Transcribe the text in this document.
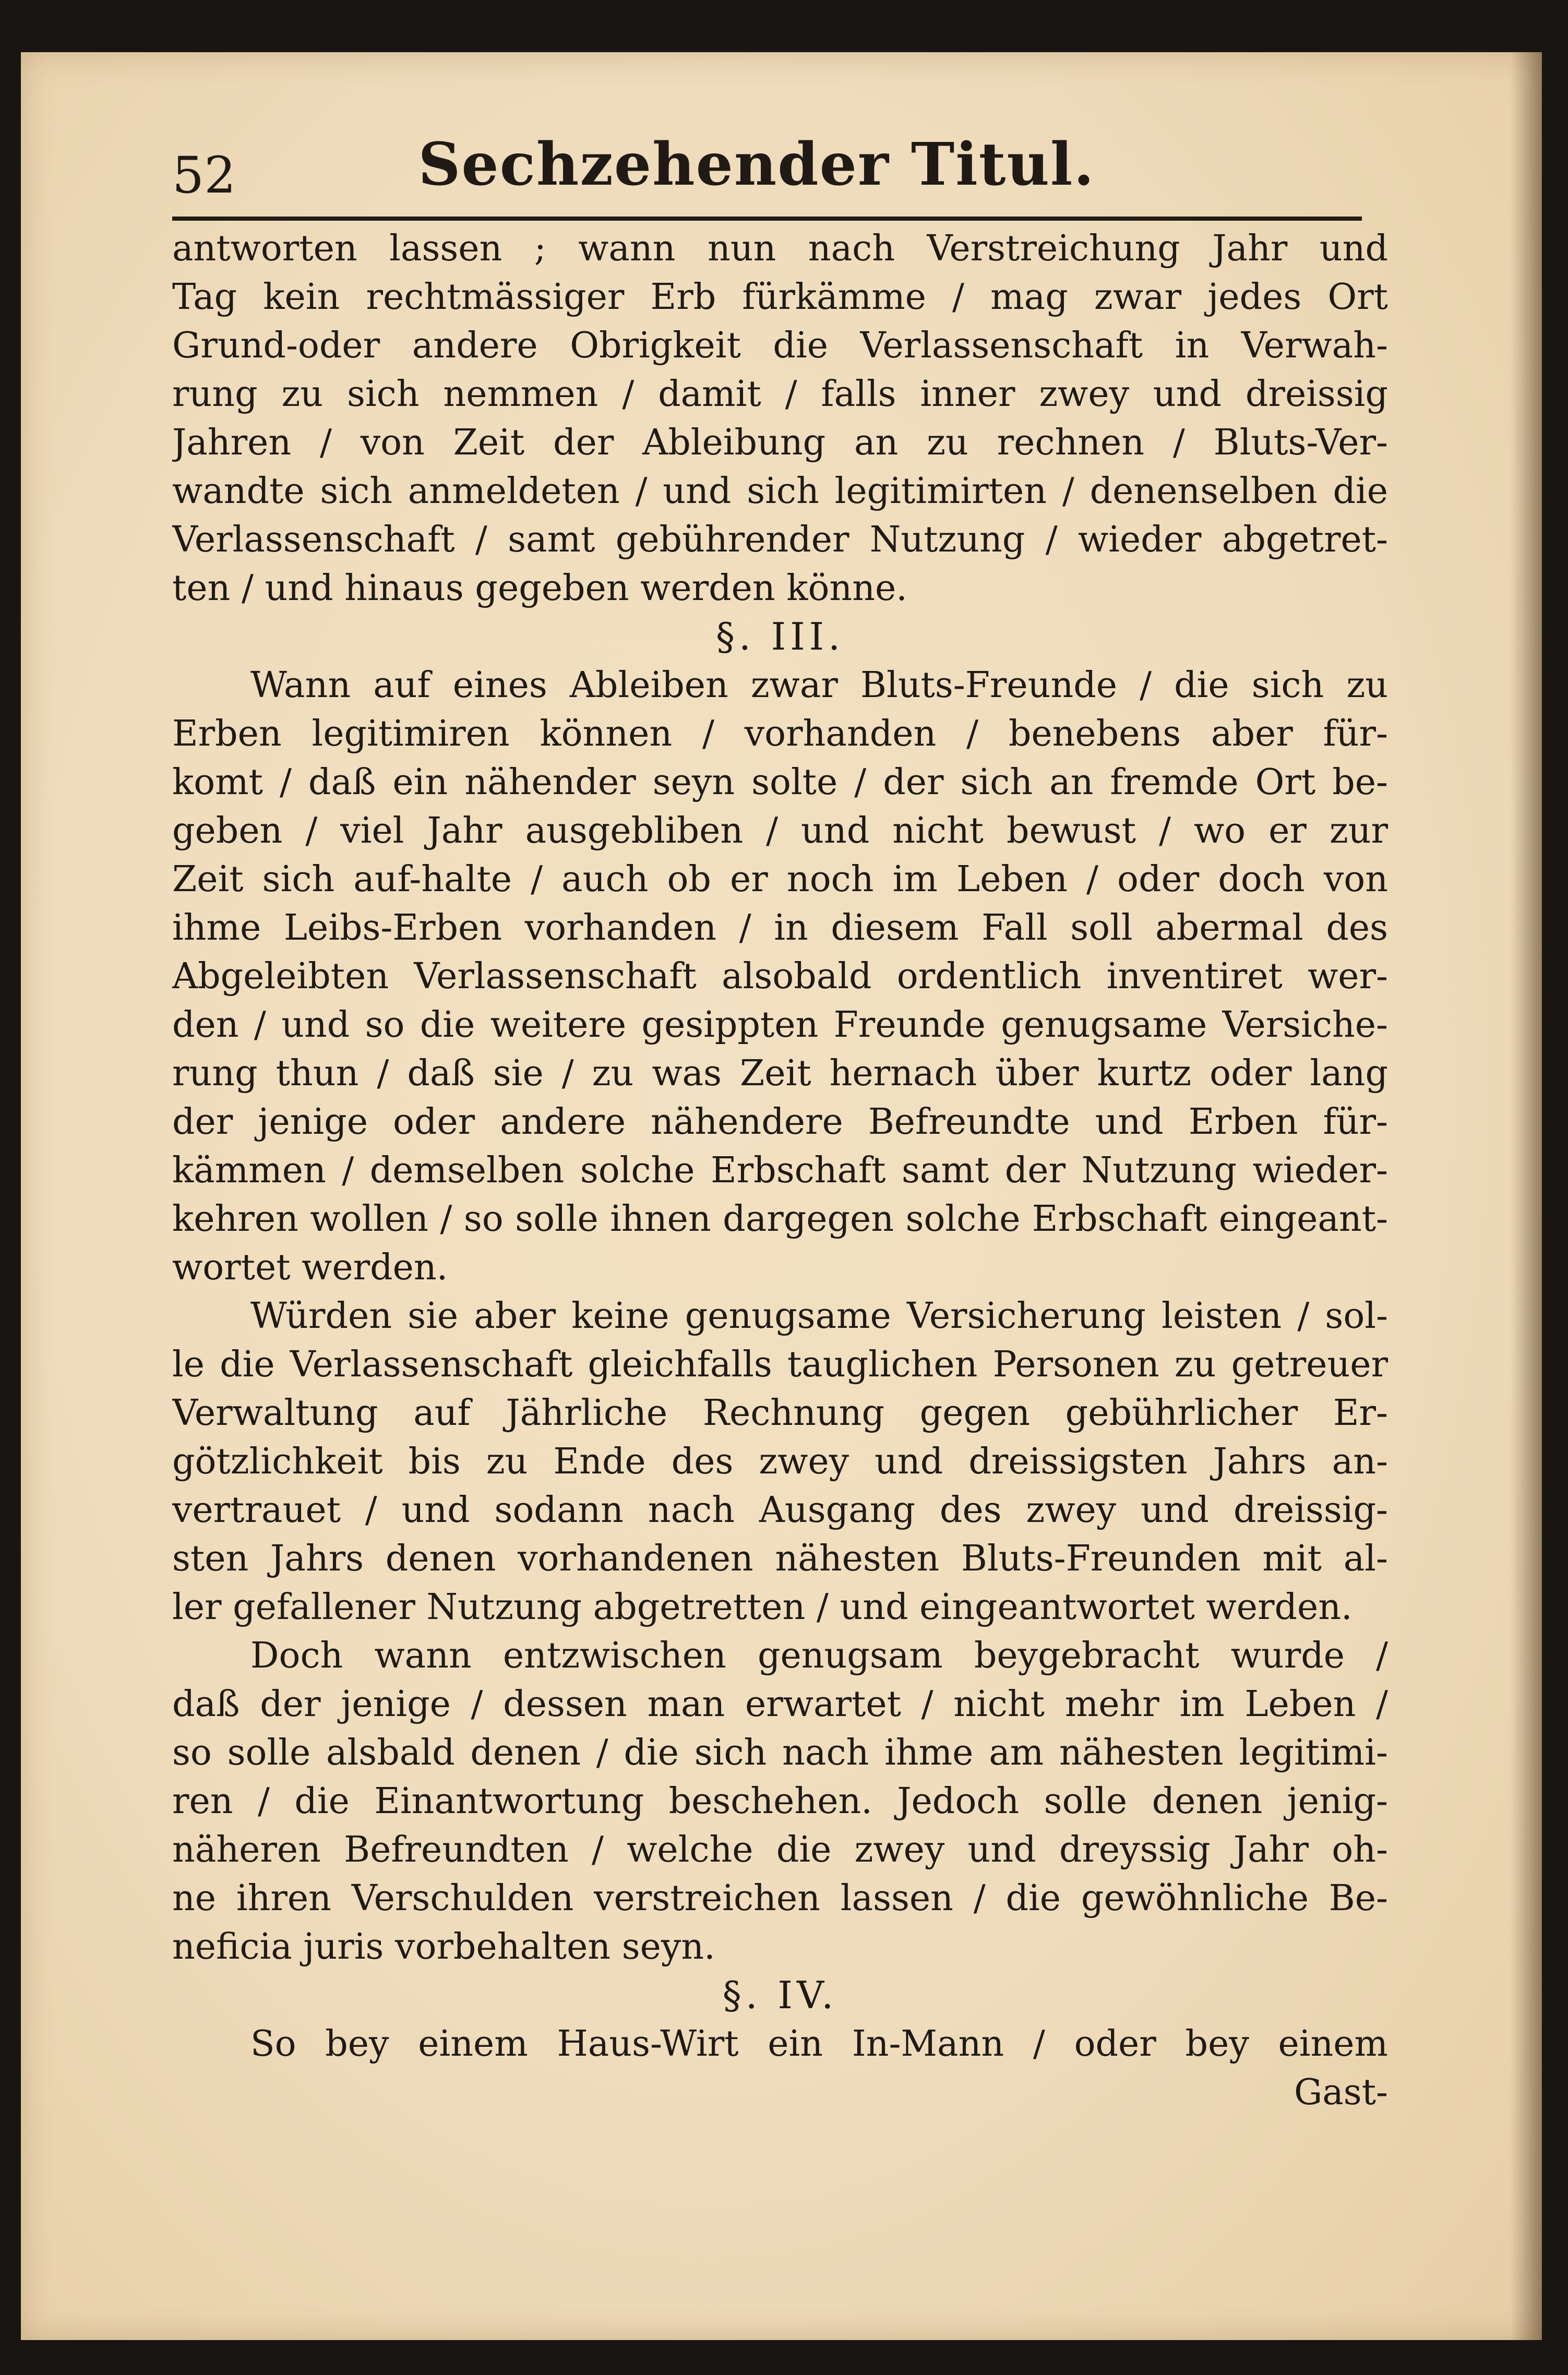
52	Sechzehender Titul.
antworten lassen ; wann nun nach Verstreichung Jahr und
Tag kein rechtmässiger Erb fürkämme / mag zwar jedes Ort
Grund-oder andere Obrigkeit die Verlassenschaft in Verwah-
rung zu sich nemmen / damit / falls inner zwey und dreissig
Jahren / von Zeit der Ableibung an zu rechnen / Bluts-Ver-
wandte sich anmeldeten / und sich legitimirten / denenselben die
Verlassenschaft / samt gebührender Nutzung / wieder abgetret-
ten / und hinaus gegeben werden könne.
§. III.
Wann auf eines Ableiben zwar Bluts-Freunde / die sich zu
Erben legitimiren können / vorhanden / benebens aber für-
komt / daß ein nähender seyn solte / der sich an fremde Ort be-
geben / viel Jahr ausgebliben / und nicht bewust / wo er zur
Zeit sich auf-halte / auch ob er noch im Leben / oder doch von
ihme Leibs-Erben vorhanden / in diesem Fall soll abermal des
Abgeleibten Verlassenschaft alsobald ordentlich inventiret wer-
den / und so die weitere gesippten Freunde genugsame Versiche-
rung thun / daß sie / zu was Zeit hernach über kurtz oder lang
der jenige oder andere nähendere Befreundte und Erben für-
kämmen / demselben solche Erbschaft samt der Nutzung wieder-
kehren wollen / so solle ihnen dargegen solche Erbschaft eingeant-
wortet werden.
Würden sie aber keine genugsame Versicherung leisten / sol-
le die Verlassenschaft gleichfalls tauglichen Personen zu getreuer
Verwaltung auf Jährliche Rechnung gegen gebührlicher Er-
götzlichkeit bis zu Ende des zwey und dreissigsten Jahrs an-
vertrauet / und sodann nach Ausgang des zwey und dreissig-
sten Jahrs denen vorhandenen nähesten Bluts-Freunden mit al-
ler gefallener Nutzung abgetretten / und eingeantwortet werden.
Doch wann entzwischen genugsam beygebracht wurde /
daß der jenige / dessen man erwartet / nicht mehr im Leben /
so solle alsbald denen / die sich nach ihme am nähesten legitimi-
ren / die Einantwortung beschehen. Jedoch solle denen jenig-
näheren Befreundten / welche die zwey und dreyssig Jahr oh-
ne ihren Verschulden verstreichen lassen / die gewöhnliche Be-
neficia juris vorbehalten seyn.
§. IV.
So bey einem Haus-Wirt ein In-Mann / oder bey einem
Gast-
